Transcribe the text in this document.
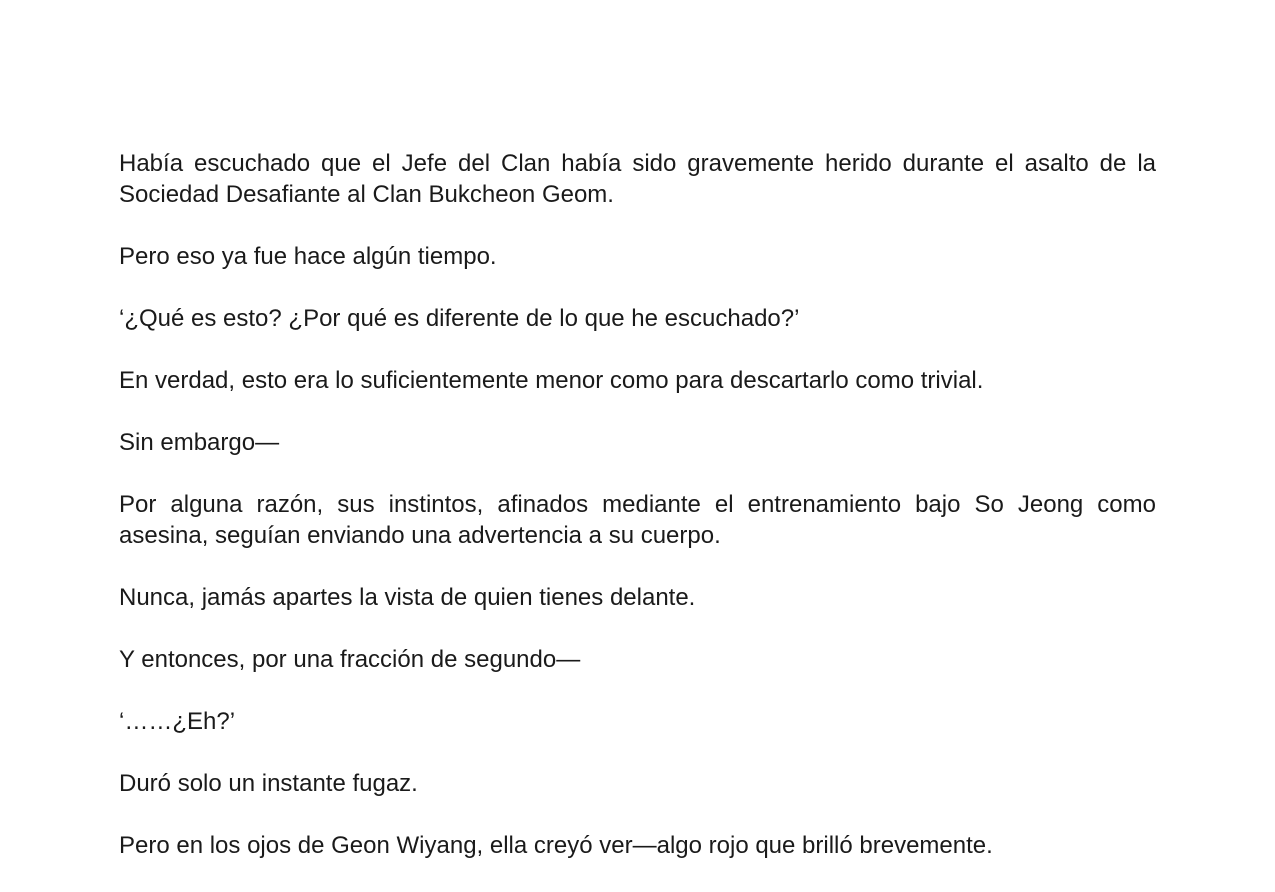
Había escuchado que el Jefe del Clan había sido gravemente herido durante el asalto de la Sociedad Desafiante al Clan Bukcheon Geom.

Pero eso ya fue hace algún tiempo.

‘¿Qué es esto? ¿Por qué es diferente de lo que he escuchado?’

En verdad, esto era lo suficientemente menor como para descartarlo como trivial.

Sin embargo—

Por alguna razón, sus instintos, afinados mediante el entrenamiento bajo So Jeong como asesina, seguían enviando una advertencia a su cuerpo.

Nunca, jamás apartes la vista de quien tienes delante.

Y entonces, por una fracción de segundo—

‘……¿Eh?’

Duró solo un instante fugaz.

Pero en los ojos de Geon Wiyang, ella creyó ver—algo rojo que brilló brevemente.
